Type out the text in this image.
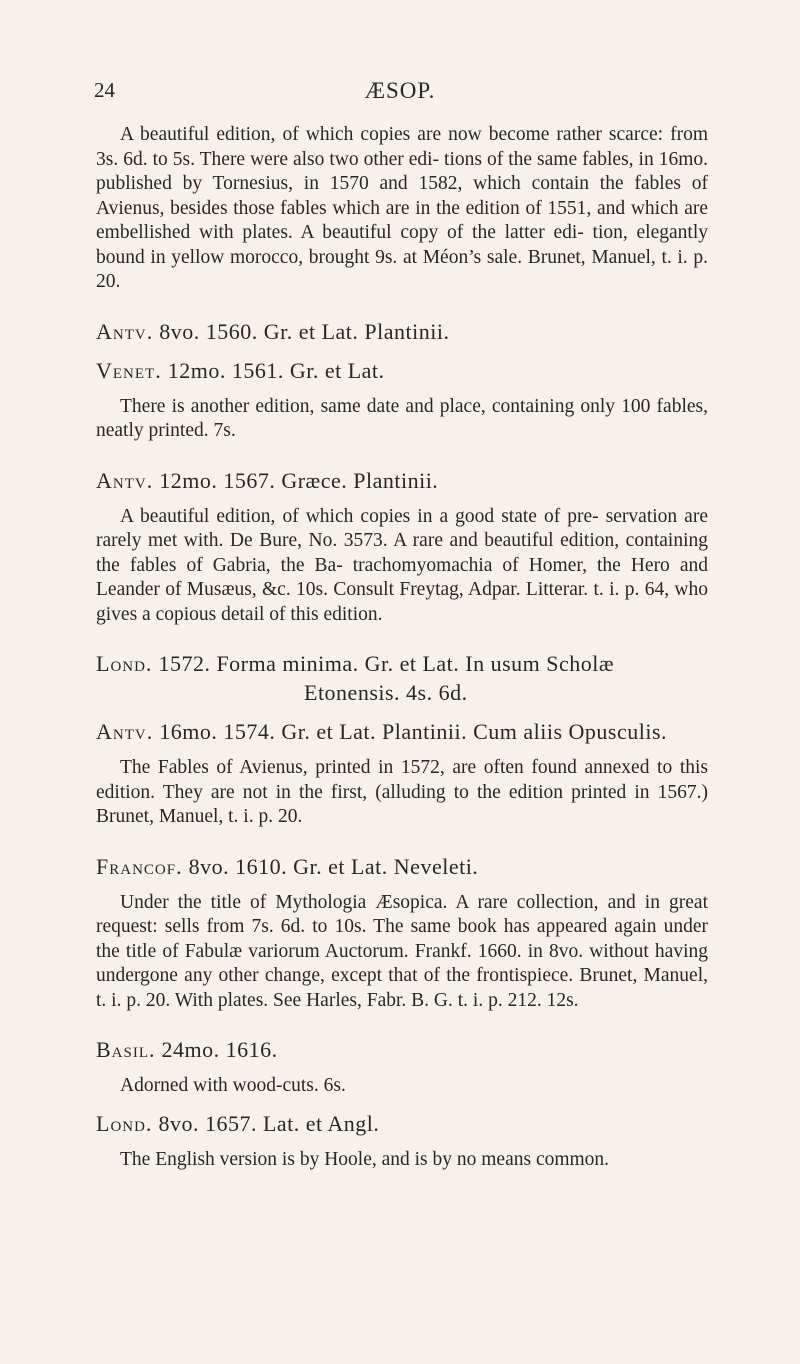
24	ÆSOP.

A beautiful edition, of which copies are now become rather scarce: from 3s. 6d. to 5s. There were also two other edi- tions of the same fables, in 16mo. published by Tornesius, in 1570 and 1582, which contain the fables of Avienus, besides those fables which are in the edition of 1551, and which are embellished with plates. A beautiful copy of the latter edi- tion, elegantly bound in yellow morocco, brought 9s. at Méon’s sale. Brunet, Manuel, t. i. p. 20.

Antv. 8vo. 1560. Gr. et Lat. Plantinii.

Venet. 12mo. 1561. Gr. et Lat.

There is another edition, same date and place, containing only 100 fables, neatly printed. 7s.

Antv. 12mo. 1567. Græce. Plantinii.

A beautiful edition, of which copies in a good state of pre- servation are rarely met with. De Bure, No. 3573. A rare and beautiful edition, containing the fables of Gabria, the Ba- trachomyomachia of Homer, the Hero and Leander of Musæus, &c. 10s. Consult Freytag, Adpar. Litterar. t. i. p. 64, who gives a copious detail of this edition.

Lond. 1572. Forma minima. Gr. et Lat. In usum Scholæ Etonensis. 4s. 6d.

Antv. 16mo. 1574. Gr. et Lat. Plantinii. Cum aliis Opusculis.

The Fables of Avienus, printed in 1572, are often found annexed to this edition. They are not in the first, (alluding to the edition printed in 1567.) Brunet, Manuel, t. i. p. 20.

Francof. 8vo. 1610. Gr. et Lat. Neveleti.

Under the title of Mythologia Æsopica. A rare collection, and in great request: sells from 7s. 6d. to 10s. The same book has appeared again under the title of Fabulæ variorum Auctorum. Frankf. 1660. in 8vo. without having undergone any other change, except that of the frontispiece. Brunet, Manuel, t. i. p. 20. With plates. See Harles, Fabr. B. G. t. i. p. 212. 12s.

Basil. 24mo. 1616.

Adorned with wood-cuts. 6s.

Lond. 8vo. 1657. Lat. et Angl.

The English version is by Hoole, and is by no means common.
